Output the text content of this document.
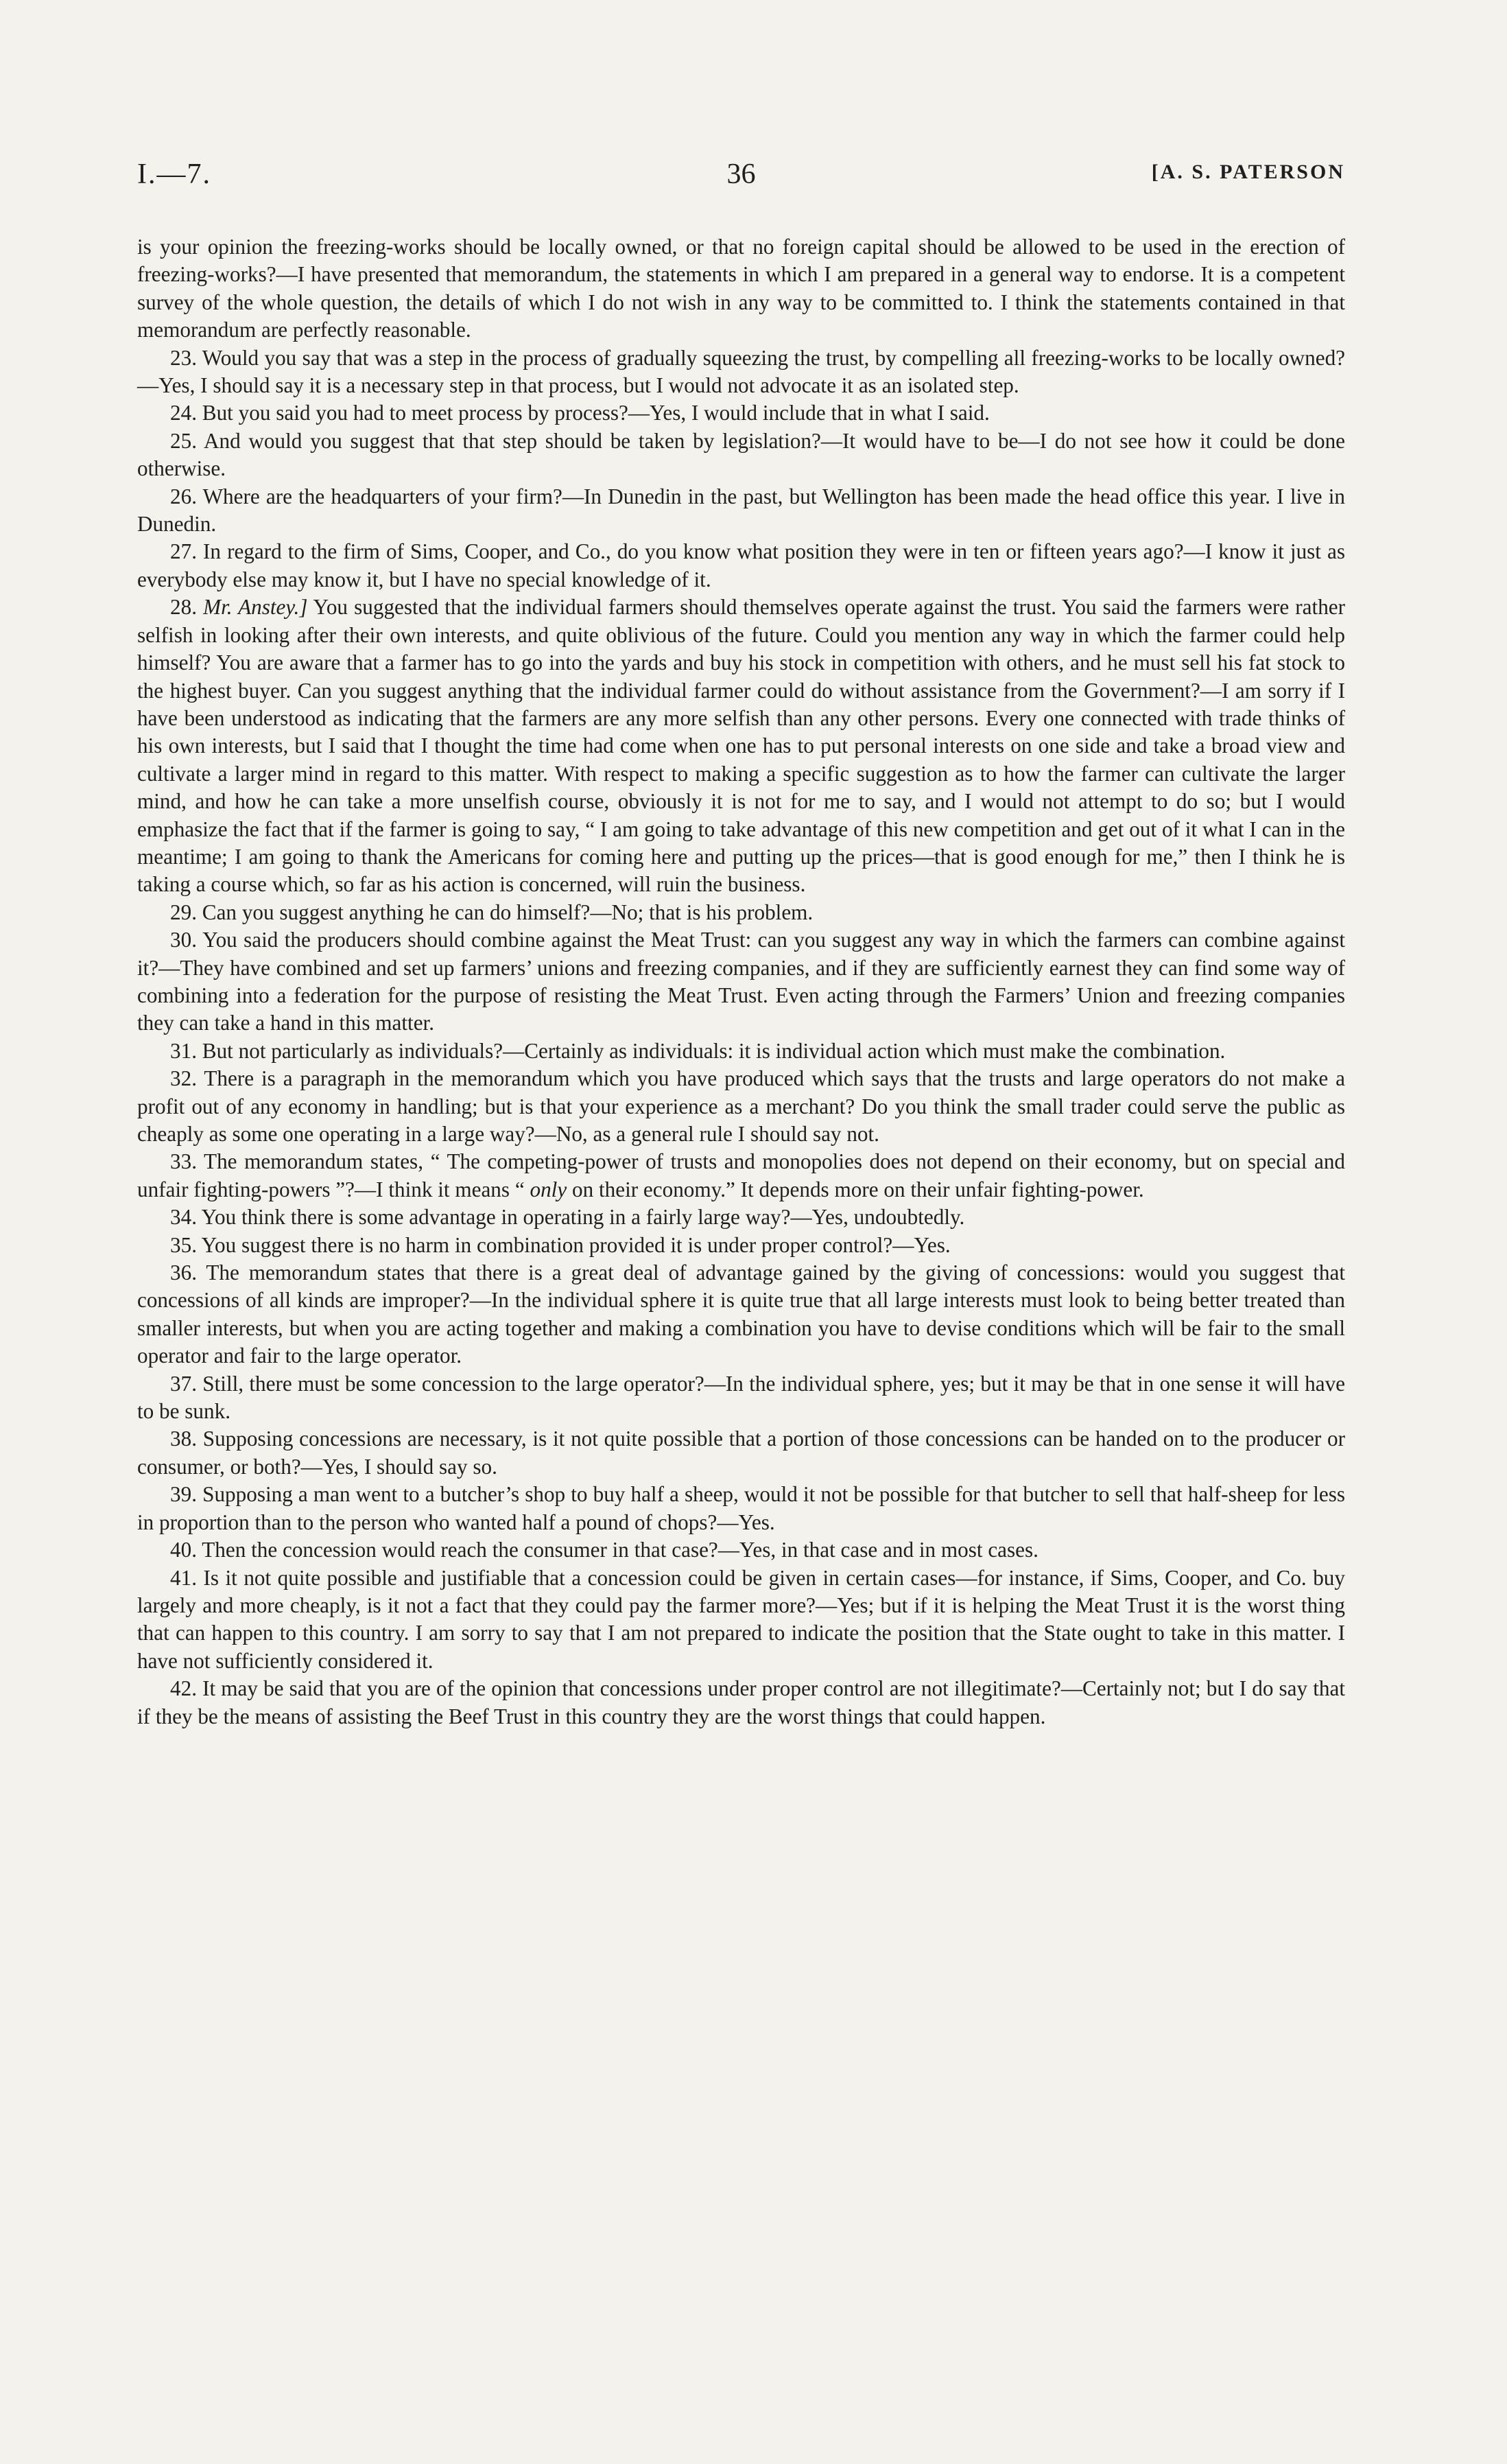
I.—7.	36	[A. S. PATERSON

is your opinion the freezing-works should be locally owned, or that no foreign capital should be allowed to be used in the erection of freezing-works?—I have presented that memorandum, the statements in which I am prepared in a general way to endorse. It is a competent survey of the whole question, the details of which I do not wish in any way to be committed to. I think the statements contained in that memorandum are perfectly reasonable.

23. Would you say that was a step in the process of gradually squeezing the trust, by compelling all freezing-works to be locally owned?—Yes, I should say it is a necessary step in that process, but I would not advocate it as an isolated step.

24. But you said you had to meet process by process?—Yes, I would include that in what I said.

25. And would you suggest that that step should be taken by legislation?—It would have to be—I do not see how it could be done otherwise.

26. Where are the headquarters of your firm?—In Dunedin in the past, but Wellington has been made the head office this year. I live in Dunedin.

27. In regard to the firm of Sims, Cooper, and Co., do you know what position they were in ten or fifteen years ago?—I know it just as everybody else may know it, but I have no special knowledge of it.

28. Mr. Anstey.] You suggested that the individual farmers should themselves operate against the trust. You said the farmers were rather selfish in looking after their own interests, and quite oblivious of the future. Could you mention any way in which the farmer could help himself? You are aware that a farmer has to go into the yards and buy his stock in competition with others, and he must sell his fat stock to the highest buyer. Can you suggest anything that the individual farmer could do without assistance from the Government?—I am sorry if I have been understood as indicating that the farmers are any more selfish than any other persons. Every one connected with trade thinks of his own interests, but I said that I thought the time had come when one has to put personal interests on one side and take a broad view and cultivate a larger mind in regard to this matter. With respect to making a specific suggestion as to how the farmer can cultivate the larger mind, and how he can take a more unselfish course, obviously it is not for me to say, and I would not attempt to do so; but I would emphasize the fact that if the farmer is going to say, “ I am going to take advantage of this new competition and get out of it what I can in the meantime; I am going to thank the Americans for coming here and putting up the prices—that is good enough for me,” then I think he is taking a course which, so far as his action is concerned, will ruin the business.

29. Can you suggest anything he can do himself?—No; that is his problem.

30. You said the producers should combine against the Meat Trust: can you suggest any way in which the farmers can combine against it?—They have combined and set up farmers’ unions and freezing companies, and if they are sufficiently earnest they can find some way of combining into a federation for the purpose of resisting the Meat Trust. Even acting through the Farmers’ Union and freezing companies they can take a hand in this matter.

31. But not particularly as individuals?—Certainly as individuals: it is individual action which must make the combination.

32. There is a paragraph in the memorandum which you have produced which says that the trusts and large operators do not make a profit out of any economy in handling; but is that your experience as a merchant? Do you think the small trader could serve the public as cheaply as some one operating in a large way?—No, as a general rule I should say not.

33. The memorandum states, “ The competing-power of trusts and monopolies does not depend on their economy, but on special and unfair fighting-powers ”?—I think it means “ only on their economy.” It depends more on their unfair fighting-power.

34. You think there is some advantage in operating in a fairly large way?—Yes, undoubtedly.

35. You suggest there is no harm in combination provided it is under proper control?—Yes.

36. The memorandum states that there is a great deal of advantage gained by the giving of concessions: would you suggest that concessions of all kinds are improper?—In the individual sphere it is quite true that all large interests must look to being better treated than smaller interests, but when you are acting together and making a combination you have to devise conditions which will be fair to the small operator and fair to the large operator.

37. Still, there must be some concession to the large operator?—In the individual sphere, yes; but it may be that in one sense it will have to be sunk.

38. Supposing concessions are necessary, is it not quite possible that a portion of those concessions can be handed on to the producer or consumer, or both?—Yes, I should say so.

39. Supposing a man went to a butcher’s shop to buy half a sheep, would it not be possible for that butcher to sell that half-sheep for less in proportion than to the person who wanted half a pound of chops?—Yes.

40. Then the concession would reach the consumer in that case?—Yes, in that case and in most cases.

41. Is it not quite possible and justifiable that a concession could be given in certain cases—for instance, if Sims, Cooper, and Co. buy largely and more cheaply, is it not a fact that they could pay the farmer more?—Yes; but if it is helping the Meat Trust it is the worst thing that can happen to this country. I am sorry to say that I am not prepared to indicate the position that the State ought to take in this matter. I have not sufficiently considered it.

42. It may be said that you are of the opinion that concessions under proper control are not illegitimate?—Certainly not; but I do say that if they be the means of assisting the Beef Trust in this country they are the worst things that could happen.
